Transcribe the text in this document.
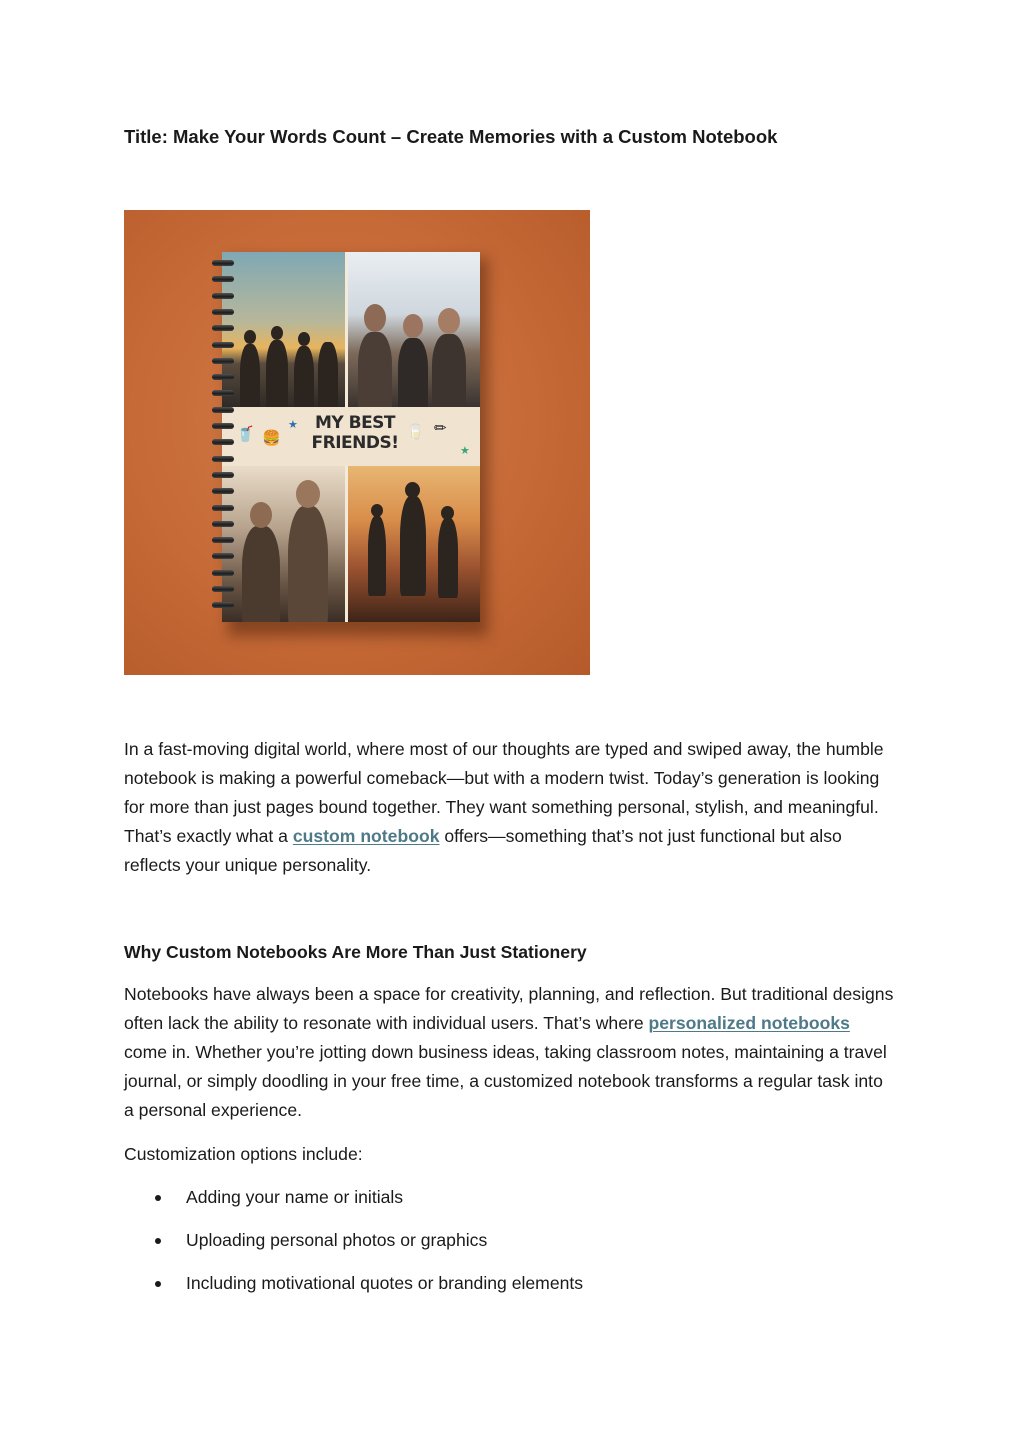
Title: Make Your Words Count – Create Memories with a Custom Notebook
🥤 🍔
★ MY BEST FRIENDS!
🥛 ✏
★

In a fast-moving digital world, where most of our thoughts are typed and swiped away, the humble notebook is making a powerful comeback—but with a modern twist. Today’s generation is looking for more than just pages bound together. They want something personal, stylish, and meaningful. That’s exactly what a custom notebook offers—something that’s not just functional but also reflects your unique personality.

Why Custom Notebooks Are More Than Just Stationery

Notebooks have always been a space for creativity, planning, and reflection. But traditional designs often lack the ability to resonate with individual users. That’s where personalized notebooks come in. Whether you’re jotting down business ideas, taking classroom notes, maintaining a travel journal, or simply doodling in your free time, a customized notebook transforms a regular task into a personal experience.

Customization options include:

Adding your name or initials
Uploading personal photos or graphics
Including motivational quotes or branding elements
